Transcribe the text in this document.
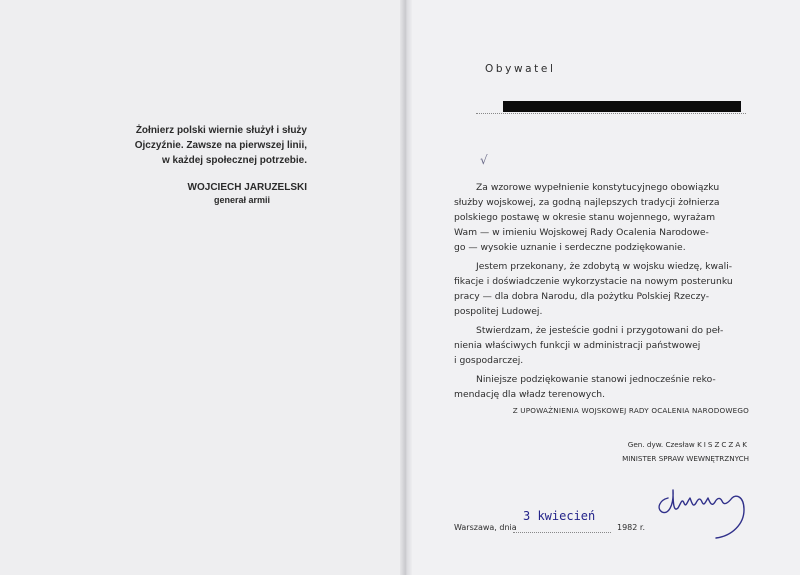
Żołnierz polski wiernie służył i służy
Ojczyźnie. Zawsze na pierwszej linii,
w każdej społecznej potrzebie.
WOJCIECH JARUZELSKI
generał armii
Obywatel
√

Za wzorowe wypełnienie konstytucyjnego obowiązku
służby wojskowej, za godną najlepszych tradycji żołnierza
polskiego postawę w okresie stanu wojennego, wyrażam
Wam — w imieniu Wojskowej Rady Ocalenia Narodowe-
go — wysokie uznanie i serdeczne podziękowanie.

Jestem przekonany, że zdobytą w wojsku wiedzę, kwali-
fikacje i doświadczenie wykorzystacie na nowym posterunku
pracy — dla dobra Narodu, dla pożytku Polskiej Rzeczy-
pospolitej Ludowej.

Stwierdzam, że jesteście godni i przygotowani do peł-
nienia właściwych funkcji w administracji państwowej
i gospodarczej.

Niniejsze podziękowanie stanowi jednocześnie reko-
mendację dla władz terenowych.

Z UPOWAŻNIENIA WOJSKOWEJ RADY OCALENIA NARODOWEGO
Gen. dyw. Czesław KISZCZAK
MINISTER SPRAW WEWNĘTRZNYCH
Warszawa, dnia
3 kwiecień
1982 r.
